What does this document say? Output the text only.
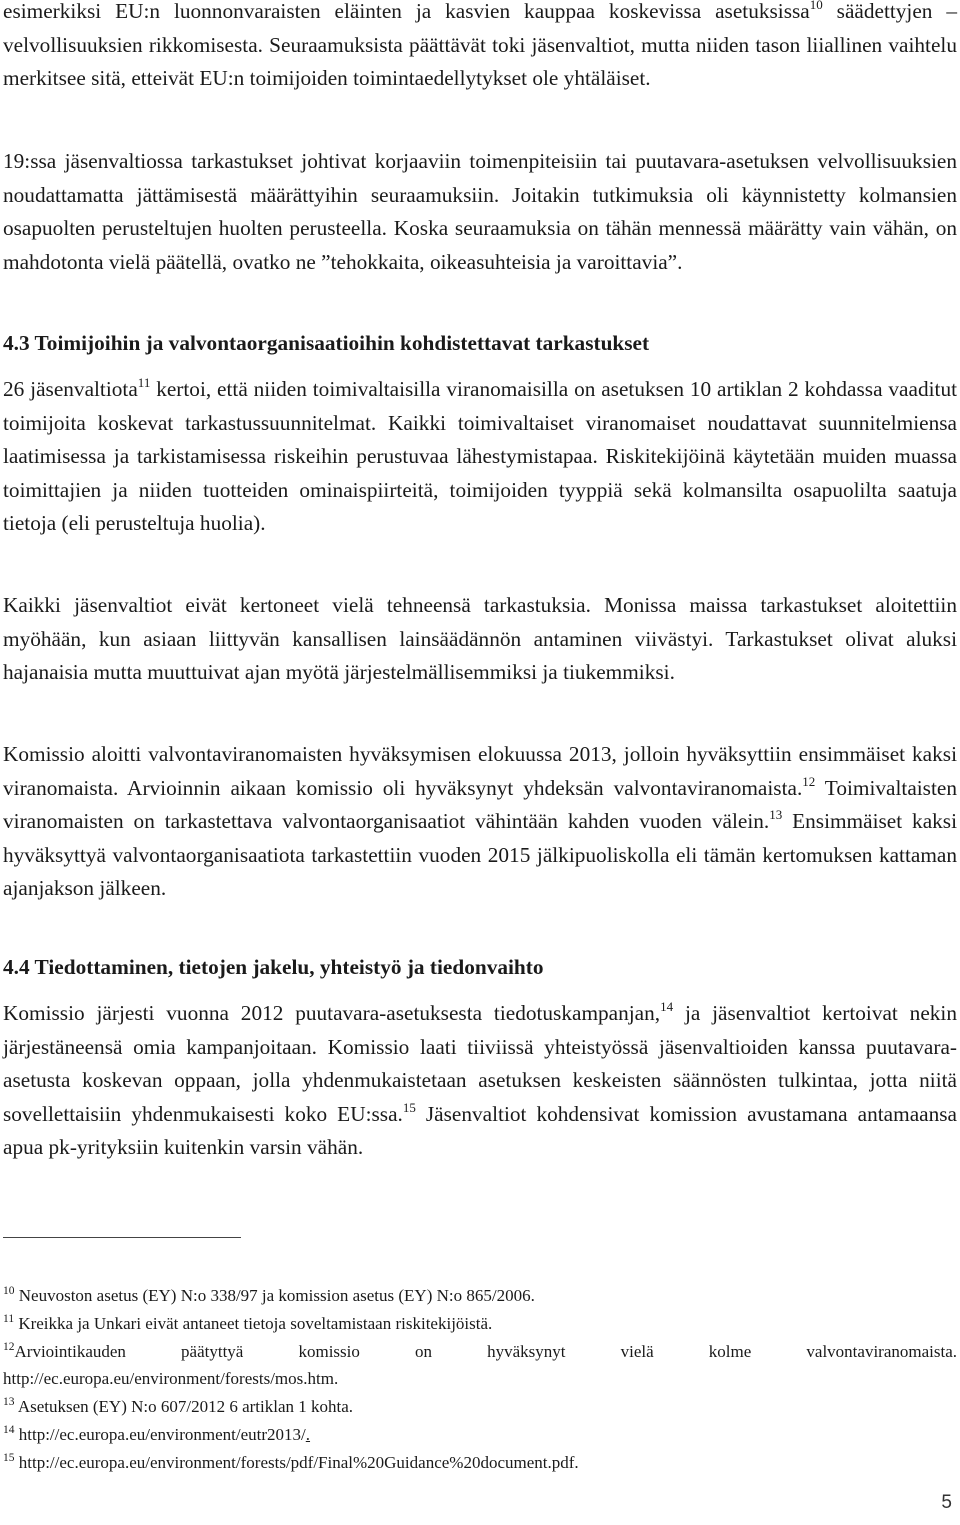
esimerkiksi EU:n luonnonvaraisten eläinten ja kasvien kauppaa koskevissa asetuksissa$^{10}$ säädettyjen – velvollisuuksien rikkomisesta. Seuraamuksista päättävät toki jäsenvaltiot, mutta niiden tason liiallinen vaihtelu merkitsee sitä, etteivät EU:n toimijoiden toimintaedellytykset ole yhtäläiset.

19:ssa jäsenvaltiossa tarkastukset johtivat korjaaviin toimenpiteisiin tai puutavara-asetuksen velvollisuuksien noudattamatta jättämisestä määrättyihin seuraamuksiin. Joitakin tutkimuksia oli käynnistetty kolmansien osapuolten perusteltujen huolten perusteella. Koska seuraamuksia on tähän mennessä määrätty vain vähän, on mahdotonta vielä päätellä, ovatko ne ”tehokkaita, oikeasuhteisia ja varoittavia”.

4.3 Toimijoihin ja valvontaorganisaatioihin kohdistettavat tarkastukset

26 jäsenvaltiota$^{11}$ kertoi, että niiden toimivaltaisilla viranomaisilla on asetuksen 10 artiklan 2 kohdassa vaaditut toimijoita koskevat tarkastussuunnitelmat. Kaikki toimivaltaiset viranomaiset noudattavat suunnitelmiensa laatimisessa ja tarkistamisessa riskeihin perustuvaa lähestymistapaa. Riskitekijöinä käytetään muiden muassa toimittajien ja niiden tuotteiden ominaispiirteitä, toimijoiden tyyppiä sekä kolmansilta osapuolilta saatuja tietoja (eli perusteltuja huolia).

Kaikki jäsenvaltiot eivät kertoneet vielä tehneensä tarkastuksia. Monissa maissa tarkastukset aloitettiin myöhään, kun asiaan liittyvän kansallisen lainsäädännön antaminen viivästyi. Tarkastukset olivat aluksi hajanaisia mutta muuttuivat ajan myötä järjestelmällisemmiksi ja tiukemmiksi.

Komissio aloitti valvontaviranomaisten hyväksymisen elokuussa 2013, jolloin hyväksyttiin ensimmäiset kaksi viranomaista. Arvioinnin aikaan komissio oli hyväksynyt yhdeksän valvontaviranomaista.$^{12}$ Toimivaltaisten viranomaisten on tarkastettava valvontaorganisaatiot vähintään kahden vuoden välein.$^{13}$ Ensimmäiset kaksi hyväksyttyä valvontaorganisaatiota tarkastettiin vuoden 2015 jälkipuoliskolla eli tämän kertomuksen kattaman ajanjakson jälkeen.

4.4 Tiedottaminen, tietojen jakelu, yhteistyö ja tiedonvaihto

Komissio järjesti vuonna 2012 puutavara-asetuksesta tiedotuskampanjan,$^{14}$ ja jäsenvaltiot kertoivat nekin järjestäneensä omia kampanjoitaan. Komissio laati tiiviissä yhteistyössä jäsenvaltioiden kanssa puutavara-asetusta koskevan oppaan, jolla yhdenmukaistetaan asetuksen keskeisten säännösten tulkintaa, jotta niitä sovellettaisiin yhdenmukaisesti koko EU:ssa.$^{15}$ Jäsenvaltiot kohdensivat komission avustamana antamaansa apua pk-yrityksiin kuitenkin varsin vähän.

$^{10}$ Neuvoston asetus (EY) N:o 338/97 ja komission asetus (EY) N:o 865/2006.

$^{11}$ Kreikka ja Unkari eivät antaneet tietoja soveltamistaan riskitekijöistä.

$^{12}$Arviointikauden päätyttyä komissio on hyväksynyt vielä kolme valvontaviranomaista.

http://ec.europa.eu/environment/forests/mos.htm.

$^{13}$ Asetuksen (EY) N:o 607/2012 6 artiklan 1 kohta.

$^{14}$ http://ec.europa.eu/environment/eutr2013/.

$^{15}$ http://ec.europa.eu/environment/forests/pdf/Final%20Guidance%20document.pdf.

5
